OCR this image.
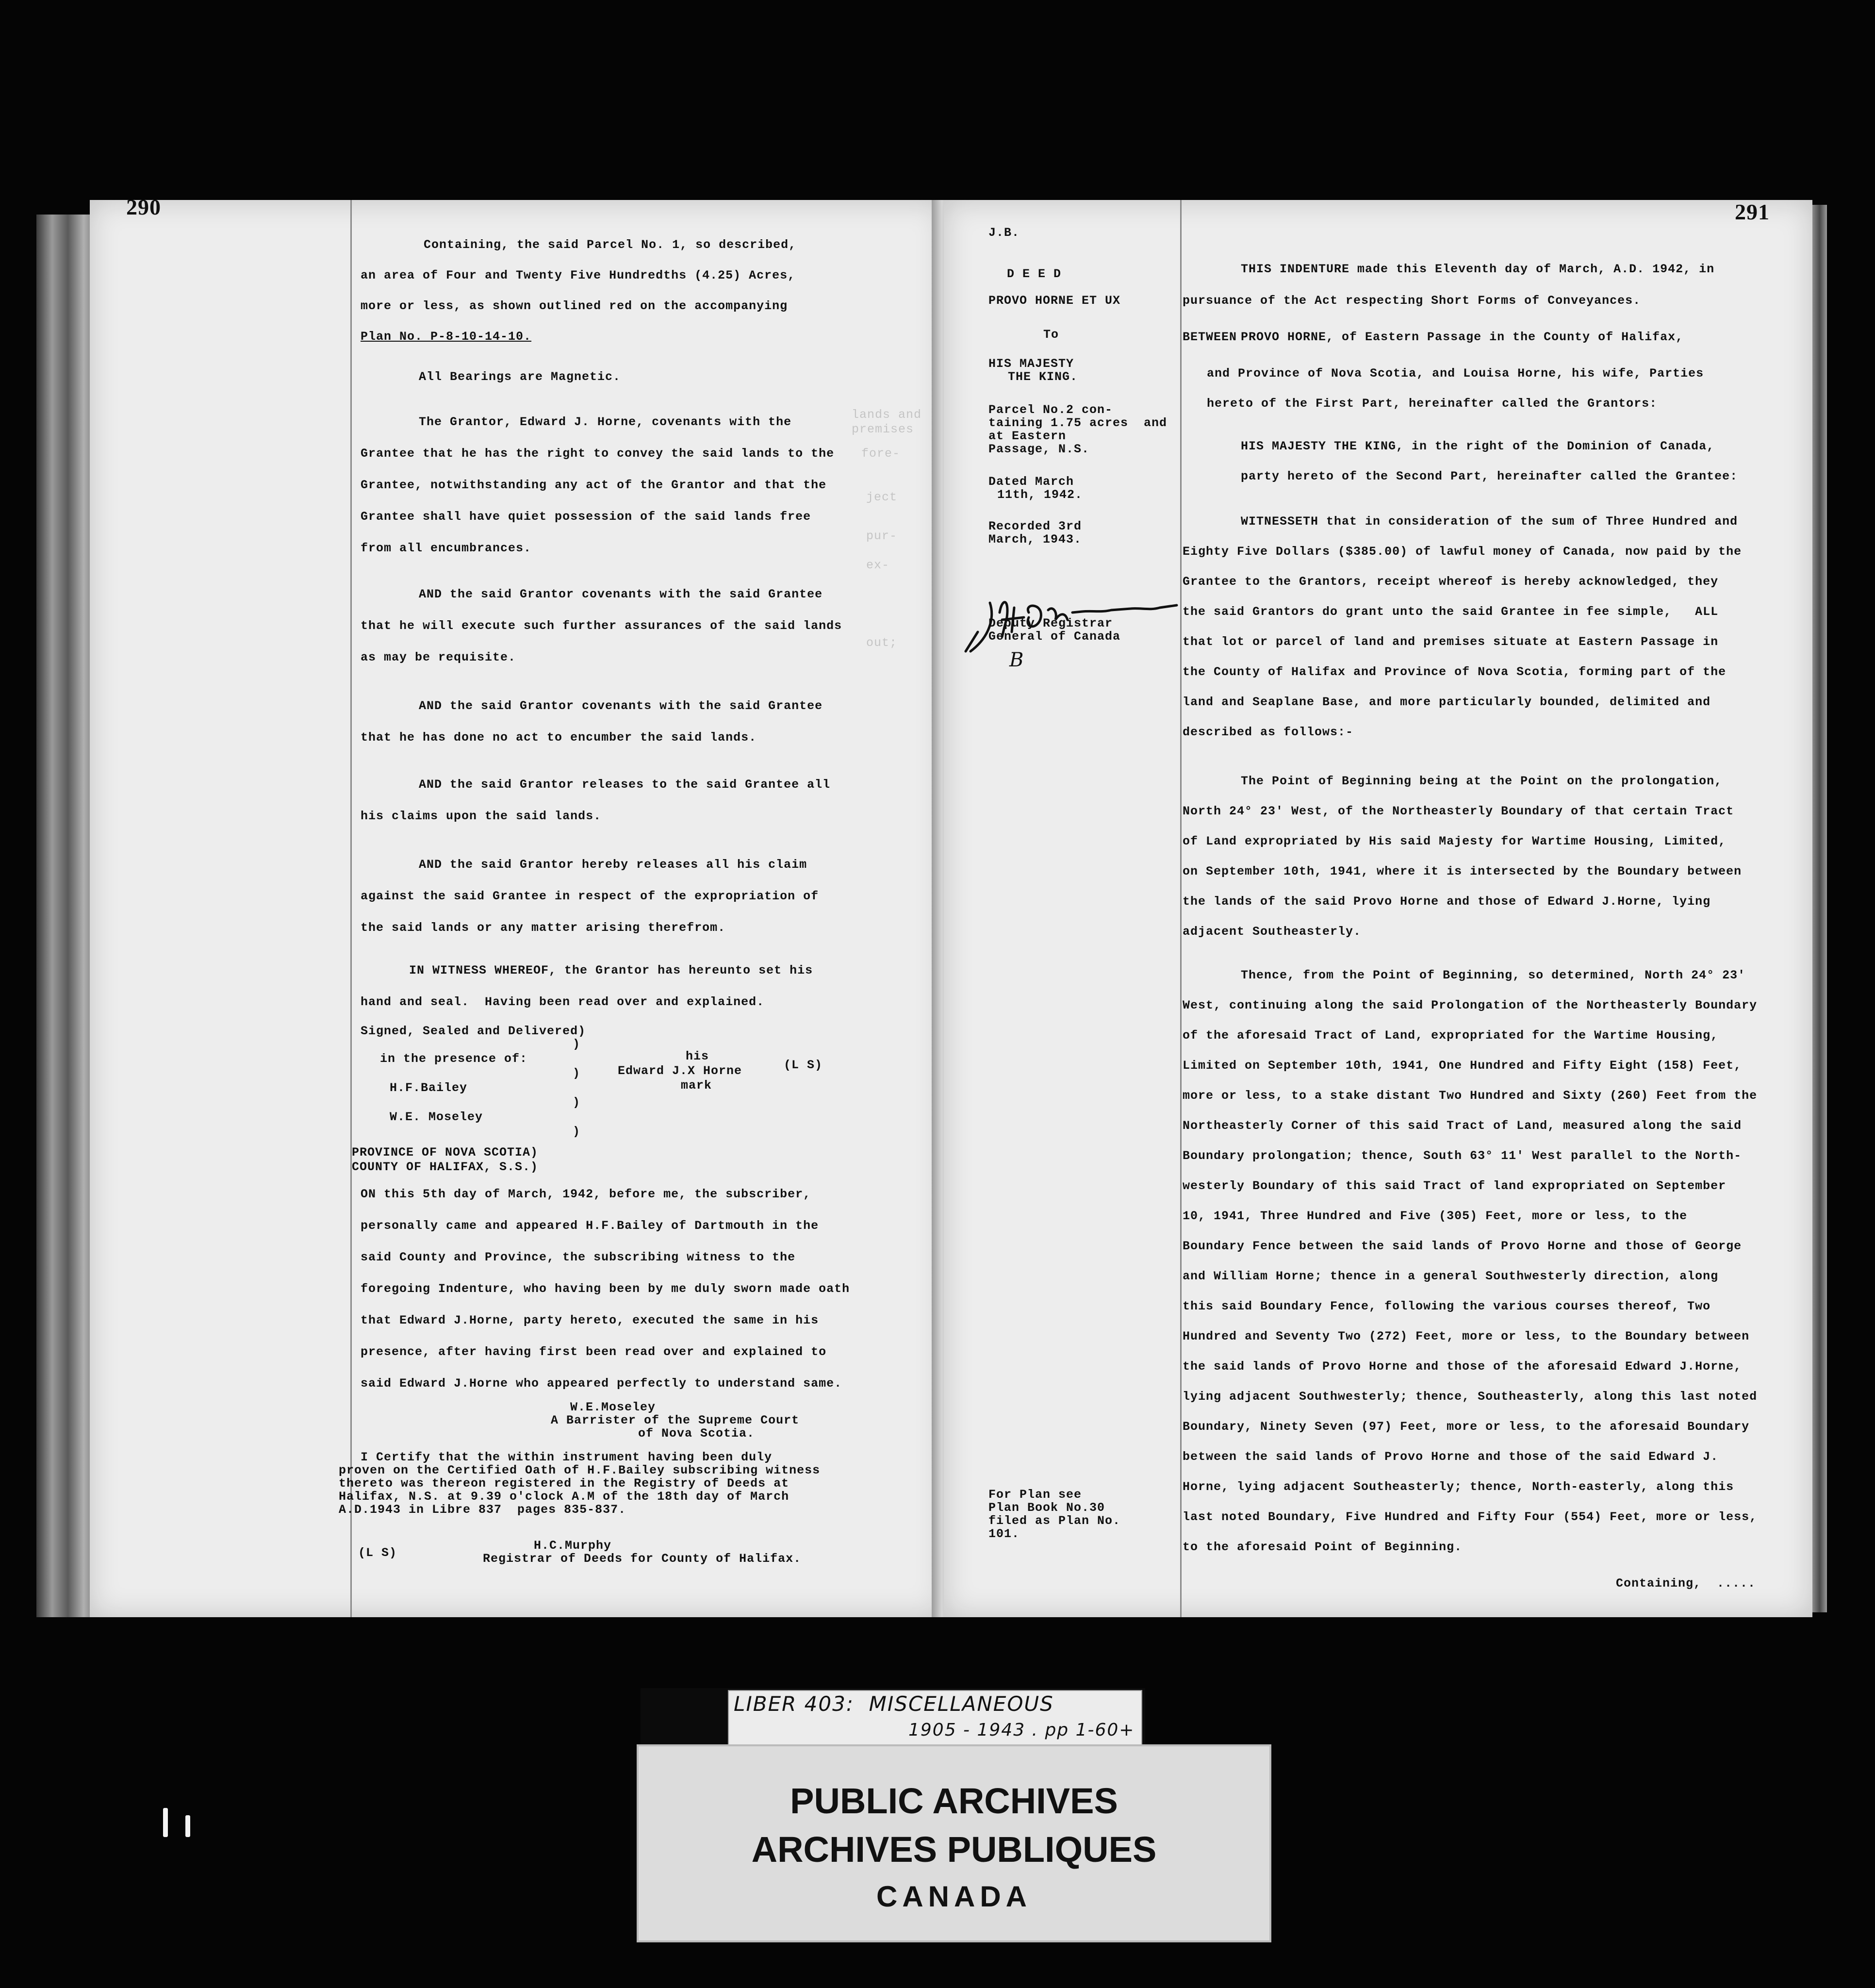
290
lands and
premises
fore-
ject
pur-
ex-
out;
Containing, the said Parcel No. 1, so described,
an area of Four and Twenty Five Hundredths (4.25) Acres,
more or less, as shown outlined red on the accompanying
Plan No. P-8-10-14-10.
All Bearings are Magnetic.
The Grantor, Edward J. Horne, covenants with the
Grantee that he has the right to convey the said lands to the
Grantee, notwithstanding any act of the Grantor and that the
Grantee shall have quiet possession of the said lands free
from all encumbrances.
AND the said Grantor covenants with the said Grantee
that he will execute such further assurances of the said lands
as may be requisite.
AND the said Grantor covenants with the said Grantee
that he has done no act to encumber the said lands.
AND the said Grantor releases to the said Grantee all
his claims upon the said lands.
AND the said Grantor hereby releases all his claim
against the said Grantee in respect of the expropriation of
the said lands or any matter arising therefrom.
IN WITNESS WHEREOF, the Grantor has hereunto set his
hand and seal.  Having been read over and explained.
Signed, Sealed and Delivered)
in the presence of:
H.F.Bailey
W.E. Moseley
)
)
)
)
his
Edward J.X Horne
mark
(L S)
PROVINCE OF NOVA SCOTIA)
COUNTY OF HALIFAX, S.S.)
ON this 5th day of March, 1942, before me, the subscriber,
personally came and appeared H.F.Bailey of Dartmouth in the
said County and Province, the subscribing witness to the
foregoing Indenture, who having been by me duly sworn made oath
that Edward J.Horne, party hereto, executed the same in his
presence, after having first been read over and explained to
said Edward J.Horne who appeared perfectly to understand same.
W.E.Moseley
A Barrister of the Supreme Court
of Nova Scotia.
I Certify that the within instrument having been duly
proven on the Certified Oath of H.F.Bailey subscribing witness
thereto was thereon registered in the Registry of Deeds at
Halifax, N.S. at 9.39 o'clock A.M of the 18th day of March
A.D.1943 in Libre 837  pages 835-837.
(L S)
H.C.Murphy
Registrar of Deeds for County of Halifax.
291
J.B.
D E E D
PROVO HORNE ET UX
To
HIS MAJESTY
THE KING.
Parcel No.2 con-
taining 1.75 acres  and
at Eastern
Passage, N.S.
Dated March
11th, 1942.
Recorded 3rd
March, 1943.
Deputy Registrar
General of Canada
B
For Plan see
Plan Book No.30
filed as Plan No.
101.
BETWEEN
THIS INDENTURE made this Eleventh day of March, A.D. 1942, in
pursuance of the Act respecting Short Forms of Conveyances.
PROVO HORNE, of Eastern Passage in the County of Halifax,
and Province of Nova Scotia, and Louisa Horne, his wife, Parties
hereto of the First Part, hereinafter called the Grantors:
HIS MAJESTY THE KING, in the right of the Dominion of Canada,
party hereto of the Second Part, hereinafter called the Grantee:
WITNESSETH that in consideration of the sum of Three Hundred and
Eighty Five Dollars ($385.00) of lawful money of Canada, now paid by the
Grantee to the Grantors, receipt whereof is hereby acknowledged, they
the said Grantors do grant unto the said Grantee in fee simple,   ALL
that lot or parcel of land and premises situate at Eastern Passage in
the County of Halifax and Province of Nova Scotia, forming part of the
land and Seaplane Base, and more particularly bounded, delimited and
described as follows:-
The Point of Beginning being at the Point on the prolongation,
North 24° 23' West, of the Northeasterly Boundary of that certain Tract
of Land expropriated by His said Majesty for Wartime Housing, Limited,
on September 10th, 1941, where it is intersected by the Boundary between
the lands of the said Provo Horne and those of Edward J.Horne, lying
adjacent Southeasterly.
Thence, from the Point of Beginning, so determined, North 24° 23'
West, continuing along the said Prolongation of the Northeasterly Boundary
of the aforesaid Tract of Land, expropriated for the Wartime Housing,
Limited on September 10th, 1941, One Hundred and Fifty Eight (158) Feet,
more or less, to a stake distant Two Hundred and Sixty (260) Feet from the
Northeasterly Corner of this said Tract of Land, measured along the said
Boundary prolongation; thence, South 63° 11' West parallel to the North-
westerly Boundary of this said Tract of land expropriated on September
10, 1941, Three Hundred and Five (305) Feet, more or less, to the
Boundary Fence between the said lands of Provo Horne and those of George
and William Horne; thence in a general Southwesterly direction, along
this said Boundary Fence, following the various courses thereof, Two
Hundred and Seventy Two (272) Feet, more or less, to the Boundary between
the said lands of Provo Horne and those of the aforesaid Edward J.Horne,
lying adjacent Southwesterly; thence, Southeasterly, along this last noted
Boundary, Ninety Seven (97) Feet, more or less, to the aforesaid Boundary
between the said lands of Provo Horne and those of the said Edward J.
Horne, lying adjacent Southeasterly; thence, North-easterly, along this
last noted Boundary, Five Hundred and Fifty Four (554) Feet, more or less,
to the aforesaid Point of Beginning.
Containing,  .....
LIBER 403:  MISCELLANEOUS
1905 - 1943 . pp 1-60+
PUBLIC ARCHIVES
ARCHIVES PUBLIQUES
CANADA
